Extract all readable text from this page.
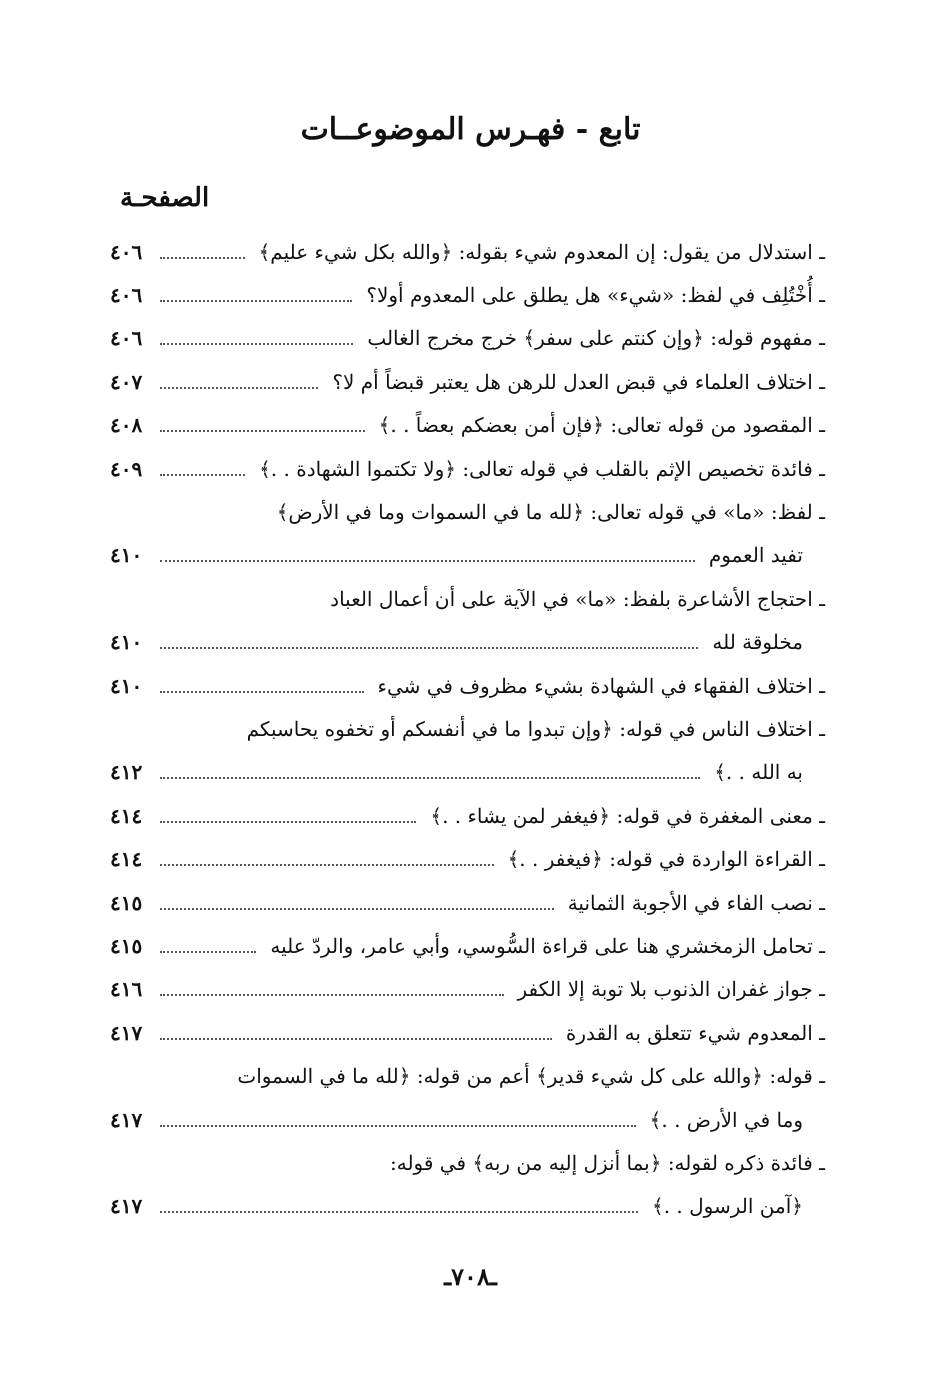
تابع - فهـرس الموضوعــات
الصفحـة
ـ استدلال من يقول: إن المعدوم شيء بقوله: ﴿والله بكل شيء عليم﴾
٤٠٦
ـ أُخْتُلِف في لفظ: «شيء» هل يطلق على المعدوم أولا؟
٤٠٦
ـ مفهوم قوله: ﴿وإن كنتم على سفر﴾ خرج مخرج الغالب
٤٠٦
ـ اختلاف العلماء في قبض العدل للرهن هل يعتبر قبضاً أم لا؟
٤٠٧
ـ المقصود من قوله تعالى: ﴿فإن أمن بعضكم بعضاً . .﴾
٤٠٨
ـ فائدة تخصيص الإثم بالقلب في قوله تعالى: ﴿ولا تكتموا الشهادة . .﴾
٤٠٩
ـ لفظ: «ما» في قوله تعالى: ﴿لله ما في السموات وما في الأرض﴾
تفيد العموم
٤١٠
ـ احتجاج الأشاعرة بلفظ: «ما» في الآية على أن أعمال العباد
مخلوقة لله
٤١٠
ـ اختلاف الفقهاء في الشهادة بشيء مظروف في شيء
٤١٠
ـ اختلاف الناس في قوله: ﴿وإن تبدوا ما في أنفسكم أو تخفوه يحاسبكم
به الله . .﴾
٤١٢
ـ معنى المغفرة في قوله: ﴿فيغفر لمن يشاء . .﴾
٤١٤
ـ القراءة الواردة في قوله: ﴿فيغفر . .﴾
٤١٤
ـ نصب الفاء في الأجوبة الثمانية
٤١٥
ـ تحامل الزمخشري هنا على قراءة السُّوسي، وأبي عامر، والردّ عليه
٤١٥
ـ جواز غفران الذنوب بلا توبة إلا الكفر
٤١٦
ـ المعدوم شيء تتعلق به القدرة
٤١٧
ـ قوله: ﴿والله على كل شيء قدير﴾ أعم من قوله: ﴿لله ما في السموات
وما في الأرض . .﴾
٤١٧
ـ فائدة ذكره لقوله: ﴿بما أنزل إليه من ربه﴾ في قوله:
﴿آمن الرسول . .﴾
٤١٧
ـ٧٠٨ـ
